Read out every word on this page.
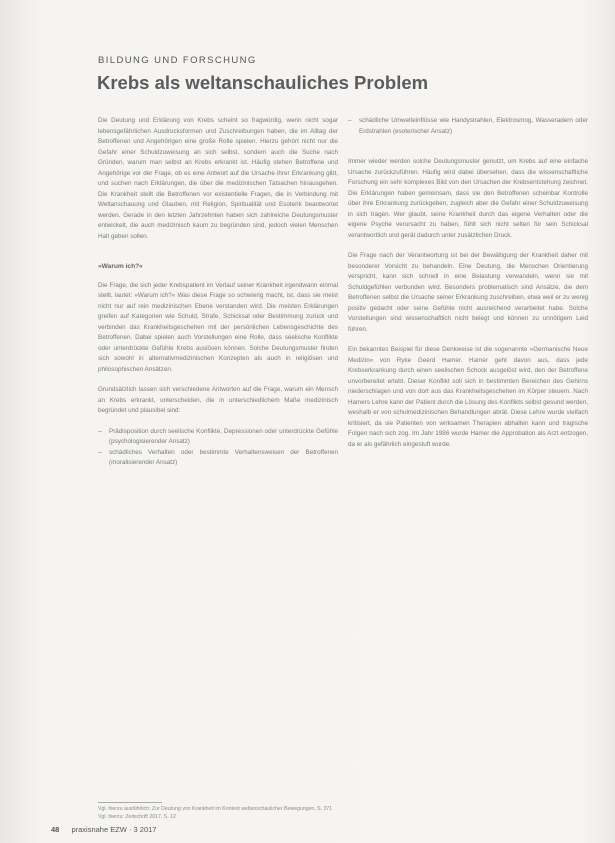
BILDUNG UND FORSCHUNG
Krebs als weltanschauliches Problem

Die Deutung und Erklärung von Krebs scheint so fragwürdig, wenn nicht sogar lebensgefährlichen Ausdrucksformen und Zuschreibungen haben, die im Alltag der Betroffenen und Angehörigen eine große Rolle spielen. Hierzu gehört nicht nur die Gefahr einer Schuldzuweisung an sich selbst, sondern auch die Suche nach Gründen, warum man selbst an Krebs erkrankt ist. Häufig stehen Betroffene und Angehörige vor der Frage, ob es eine Antwort auf die Ursache ihrer Erkrankung gibt, und suchen nach Erklärungen, die über die medizinischen Tatsachen hinausgehen. Die Krankheit stellt die Betroffenen vor existentielle Fragen, die in Verbindung mit Weltanschauung und Glauben, mit Religion, Spiritualität und Esoterik beantwortet werden. Gerade in den letzten Jahrzehnten haben sich zahlreiche Deutungsmuster entwickelt, die auch medizinisch kaum zu begründen sind, jedoch vielen Menschen Halt geben sollen.

»Warum ich?«

Die Frage, die sich jeder Krebspatient im Verlauf seiner Krankheit irgendwann einmal stellt, lautet: »Warum ich?« Was diese Frage so schwierig macht, ist, dass sie meist nicht nur auf rein medizinischen Ebene verstanden wird. Die meisten Erklärungen greifen auf Kategorien wie Schuld, Strafe, Schicksal oder Bestimmung zurück und verbinden das Krankheitsgeschehen mit der persönlichen Lebensgeschichte des Betroffenen. Dabei spielen auch Vorstellungen eine Rolle, dass seelische Konflikte oder unterdrückte Gefühle Krebs auslösen können. Solche Deutungsmuster finden sich sowohl in alternativmedizinischen Konzepten als auch in religiösen und philosophischen Ansätzen.

Grundsätzlich lassen sich verschiedene Antworten auf die Frage, warum ein Mensch an Krebs erkrankt, unterscheiden, die in unterschiedlichem Maße medizinisch begründet und plausibel sind:

– Prädisposition durch seelische Konflikte, Depressionen oder unterdrückte Gefühle (psychologisierender Ansatz)
– schädliches Verhalten oder bestimmte Verhaltensweisen der Betroffenen (moralisierender Ansatz)
– schädliche Umwelteinflüsse wie Handystrahlen, Elektrosmog, Wasseradern oder Erdstrahlen (esoterischer Ansatz)

Immer wieder werden solche Deutungsmuster genutzt, um Krebs auf eine einfache Ursache zurückzuführen. Häufig wird dabei übersehen, dass die wissenschaftliche Forschung ein sehr komplexes Bild von den Ursachen der Krebsentstehung zeichnet. Die Erklärungen haben gemeinsam, dass sie den Betroffenen scheinbar Kontrolle über ihre Erkrankung zurückgeben, zugleich aber die Gefahr einer Schuldzuweisung in sich tragen. Wer glaubt, seine Krankheit durch das eigene Verhalten oder die eigene Psyche verursacht zu haben, fühlt sich nicht selten für sein Schicksal verantwortlich und gerät dadurch unter zusätzlichen Druck.

Die Frage nach der Verantwortung ist bei der Bewältigung der Krankheit daher mit besonderer Vorsicht zu behandeln. Eine Deutung, die Menschen Orientierung verspricht, kann sich schnell in eine Belastung verwandeln, wenn sie mit Schuldgefühlen verbunden wird. Besonders problematisch sind Ansätze, die dem Betroffenen selbst die Ursache seiner Erkrankung zuschreiben, etwa weil er zu wenig positiv gedacht oder seine Gefühle nicht ausreichend verarbeitet habe. Solche Vorstellungen sind wissenschaftlich nicht belegt und können zu unnötigem Leid führen.

Ein bekanntes Beispiel für diese Denkweise ist die sogenannte »Germanische Neue Medizin« von Ryke Geerd Hamer. Hamer geht davon aus, dass jede Krebserkrankung durch einen seelischen Schock ausgelöst wird, den der Betroffene unvorbereitet erlebt. Dieser Konflikt soll sich in bestimmten Bereichen des Gehirns niederschlagen und von dort aus das Krankheitsgeschehen im Körper steuern. Nach Hamers Lehre kann der Patient durch die Lösung des Konflikts selbst gesund werden, weshalb er von schulmedizinischen Behandlungen abrät. Diese Lehre wurde vielfach kritisiert, da sie Patienten von wirksamen Therapien abhalten kann und tragische Folgen nach sich zog. Im Jahr 1986 wurde Hamer die Approbation als Arzt entzogen, da er als gefährlich eingestuft wurde.

Vgl. hierzu ausführlich: Zur Deutung von Krankheit im Kontext weltanschaulicher Bewegungen, S. 371
Vgl. hierzu: Zeitschrift 2017, S. 12
48 praxisnahe EZW · 3 2017
